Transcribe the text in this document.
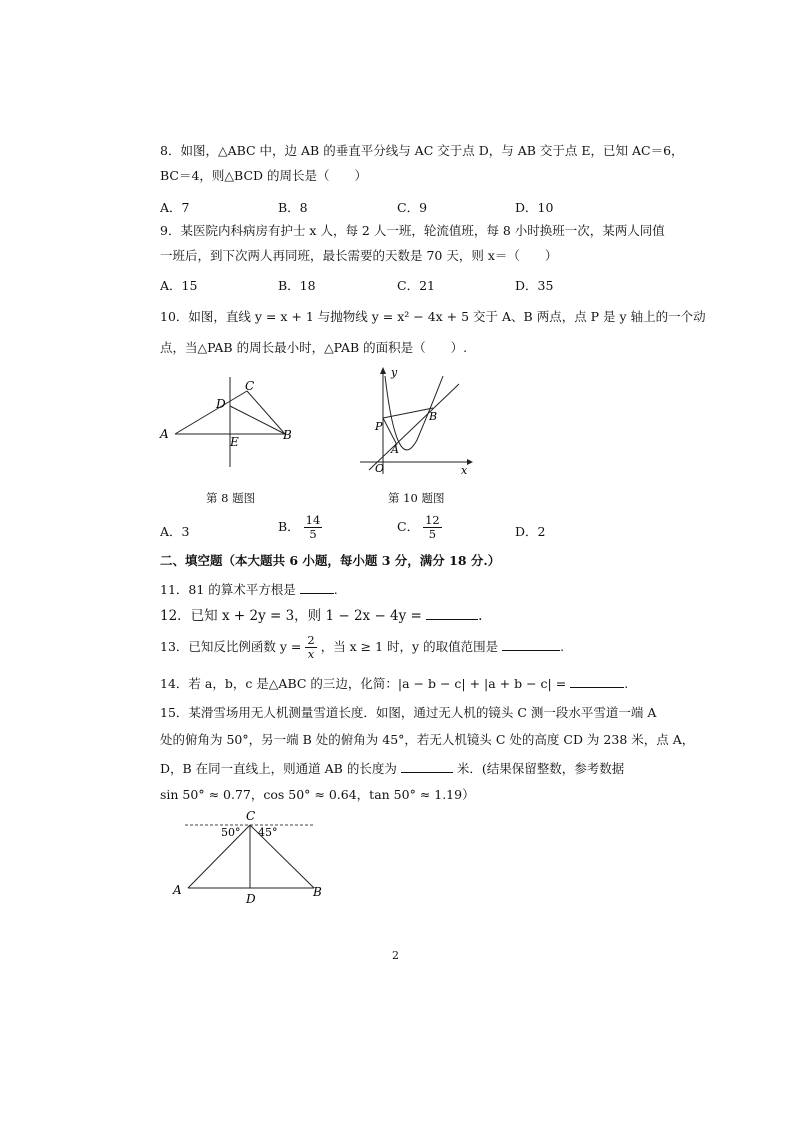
8．如图，△ABC 中，边 AB 的垂直平分线与 AC 交于点 D，与 AB 交于点 E，已知 AC＝6，
BC＝4，则△BCD 的周长是（　　）
A．7	B．8	C．9	D．10
9．某医院内科病房有护士 x 人，每 2 人一班，轮流值班，每 8 小时换班一次，某两人同值
一班后，到下次两人再同班，最长需要的天数是 70 天，则 x＝（　　）
A．15	B．18	C．21	D．35
10．如图，直线 y = x + 1 与抛物线 y = x² − 4x + 5 交于 A、B 两点，点 P 是 y 轴上的一个动
点，当△PAB 的周长最小时，△PAB 的面积是（　　）.
A	B
C
D
E
第 8 题图
y
x
O
A
B
P
第 10 题图
A．3	B． $\frac{14}{5}$	C． $\frac{12}{5}$	D．2
二、填空题（本大题共 6 小题，每小题 3 分，满分 18 分.）
11．81 的算术平方根是	.
12．已知 x + 2y = 3，则 1 − 2x − 4y =	.
13．已知反比例函数 $y = \frac{2}{x}$ ，当 x ≥ 1 时，y 的取值范围是	.
14．若 a，b，c 是△ABC 的三边，化简：|a − b − c| + |a + b − c| =	.
15．某滑雪场用无人机测量雪道长度．如图，通过无人机的镜头 C 测一段水平雪道一端 A
处的俯角为 50°，另一端 B 处的俯角为 45°，若无人机镜头 C 处的高度 CD 为 238 米，点 A，
D，B 在同一直线上，则通道 AB 的长度为	米．(结果保留整数，参考数据
sin 50° ≈ 0.77，cos 50° ≈ 0.64，tan 50° ≈ 1.19）
C
A
D	B
50° 45°
2
